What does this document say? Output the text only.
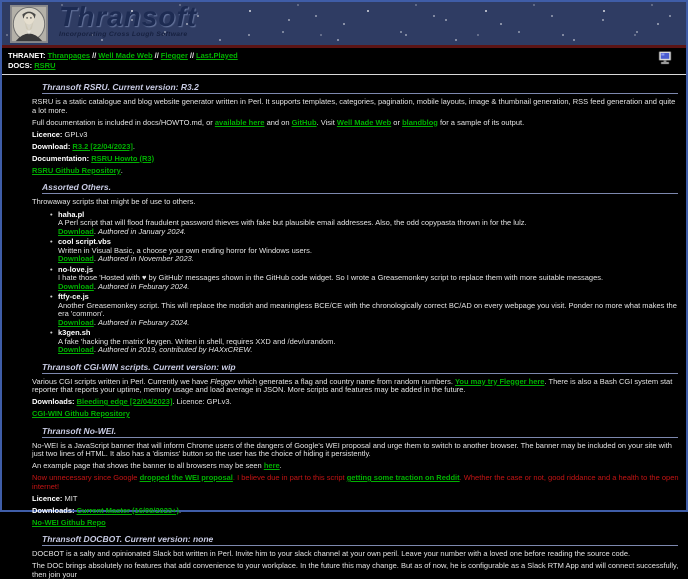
Thransoft
Incorporating Cross Lough Software
THRANET: Thranpages // Well Made Web // Flegger // Last.Played
DOCS: RSRU
Thransoft RSRU. Current version: R3.2

RSRU is a static catalogue and blog website generator written in Perl. It supports templates, categories, pagination, mobile layouts, image & thumbnail generation, RSS feed generation and quite a lot more.

Full documentation is included in docs/HOWTO.md, or available here and on GitHub. Visit Well Made Web or blandblog for a sample of its output.

Licence: GPLv3

Download: R3.2 [22/04/2023].

Documentation: RSRU Howto (R3)

RSRU Github Repository.

Assorted Others.

Throwaway scripts that might be of use to others.

• haha.pl
A Perl script that will flood fraudulent password thieves with fake but plausible email addresses. Also, the odd copypasta thrown in for the lulz.
Download. Authored in January 2024.
• cool script.vbs
Written in Visual Basic, a choose your own ending horror for Windows users.
Download. Authored in November 2023.
• no-love.js
I hate those 'Hosted with ♥ by GitHub' messages shown in the GitHub code widget. So I wrote a Greasemonkey script to replace them with more suitable messages.
Download. Authored in Feburary 2024.
• ftfy-ce.js
Another Greasemonkey script. This will replace the modish and meaningless BCE/CE with the chronologically correct BC/AD on every webpage you visit. Ponder no more what makes the era 'common'.
Download. Authored in Feburary 2024.
• k3gen.sh
A fake 'hacking the matrix' keygen. Writen in shell, requires XXD and /dev/urandom.
Download. Authored in 2019, contributed by HAXxCREW.
Thransoft CGI-WIN scripts. Current version: wip

Various CGI scripts written in Perl. Currently we have Flegger which generates a flag and country name from random numbers. You may try Flegger here. There is also a Bash CGI system stat reporter that reports your uptime, memory usage and load average in JSON. More scripts and features may be added in the future.

Downloads: Bleeding edge [22/04/2023]. Licence: GPLv3.

CGI-WIN Github Repository

Thransoft No-WEI.

No-WEI is a JavaScript banner that will inform Chrome users of the dangers of Google's WEI proposal and urge them to switch to another browser. The banner may be included on your site with just two lines of HTML. It also has a 'dismiss' button so the user has the choice of hiding it persistently.

An example page that shows the banner to all browsers may be seen here.

Now unnecessary since Google dropped the WEI proposal. I believe due in part to this script getting some traction on Reddit. Whether the case or not, good riddance and a health to the open internet!

Licence: MIT

Downloads: Current Master (16/08/2023+).

No-WEI Github Repo

Thransoft DOCBOT. Current version: none

DOCBOT is a salty and opinionated Slack bot written in Perl. Invite him to your slack channel at your own peril. Leave your number with a loved one before reading the source code.

The DOC brings absolutely no features that add convenience to your workplace. In the future this may change. But as of now, he is configurable as a Slack RTM App and will connect successfully, then join your
